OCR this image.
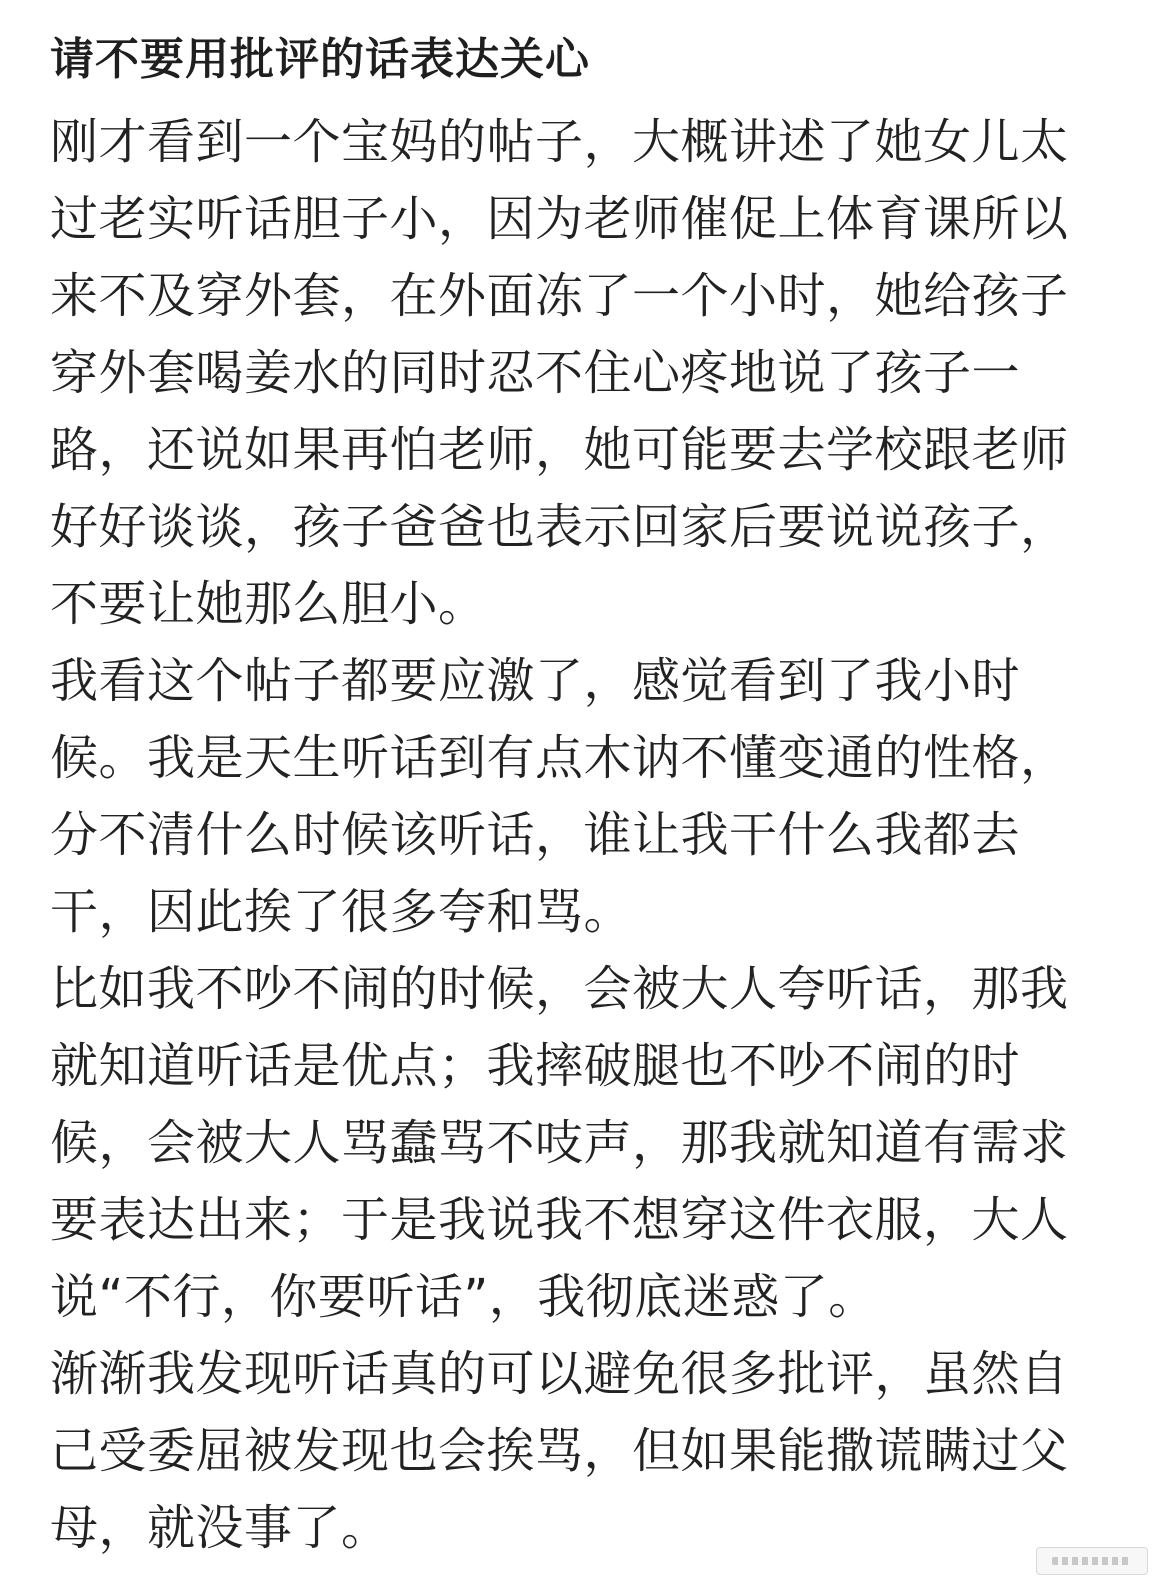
请不要用批评的话表达关心

刚才看到一个宝妈的帖子，大概讲述了她女儿太过老实听话胆子小，因为老师催促上体育课所以来不及穿外套，在外面冻了一个小时，她给孩子穿外套喝姜水的同时忍不住心疼地说了孩子一路，还说如果再怕老师，她可能要去学校跟老师好好谈谈，孩子爸爸也表示回家后要说说孩子，不要让她那么胆小。

我看这个帖子都要应激了，感觉看到了我小时候。我是天生听话到有点木讷不懂变通的性格，分不清什么时候该听话，谁让我干什么我都去干，因此挨了很多夸和骂。

比如我不吵不闹的时候，会被大人夸听话，那我就知道听话是优点；我摔破腿也不吵不闹的时候，会被大人骂蠢骂不吱声，那我就知道有需求要表达出来；于是我说我不想穿这件衣服，大人说“不行，你要听话”，我彻底迷惑了。

渐渐我发现听话真的可以避免很多批评，虽然自己受委屈被发现也会挨骂，但如果能撒谎瞒过父母，就没事了。
